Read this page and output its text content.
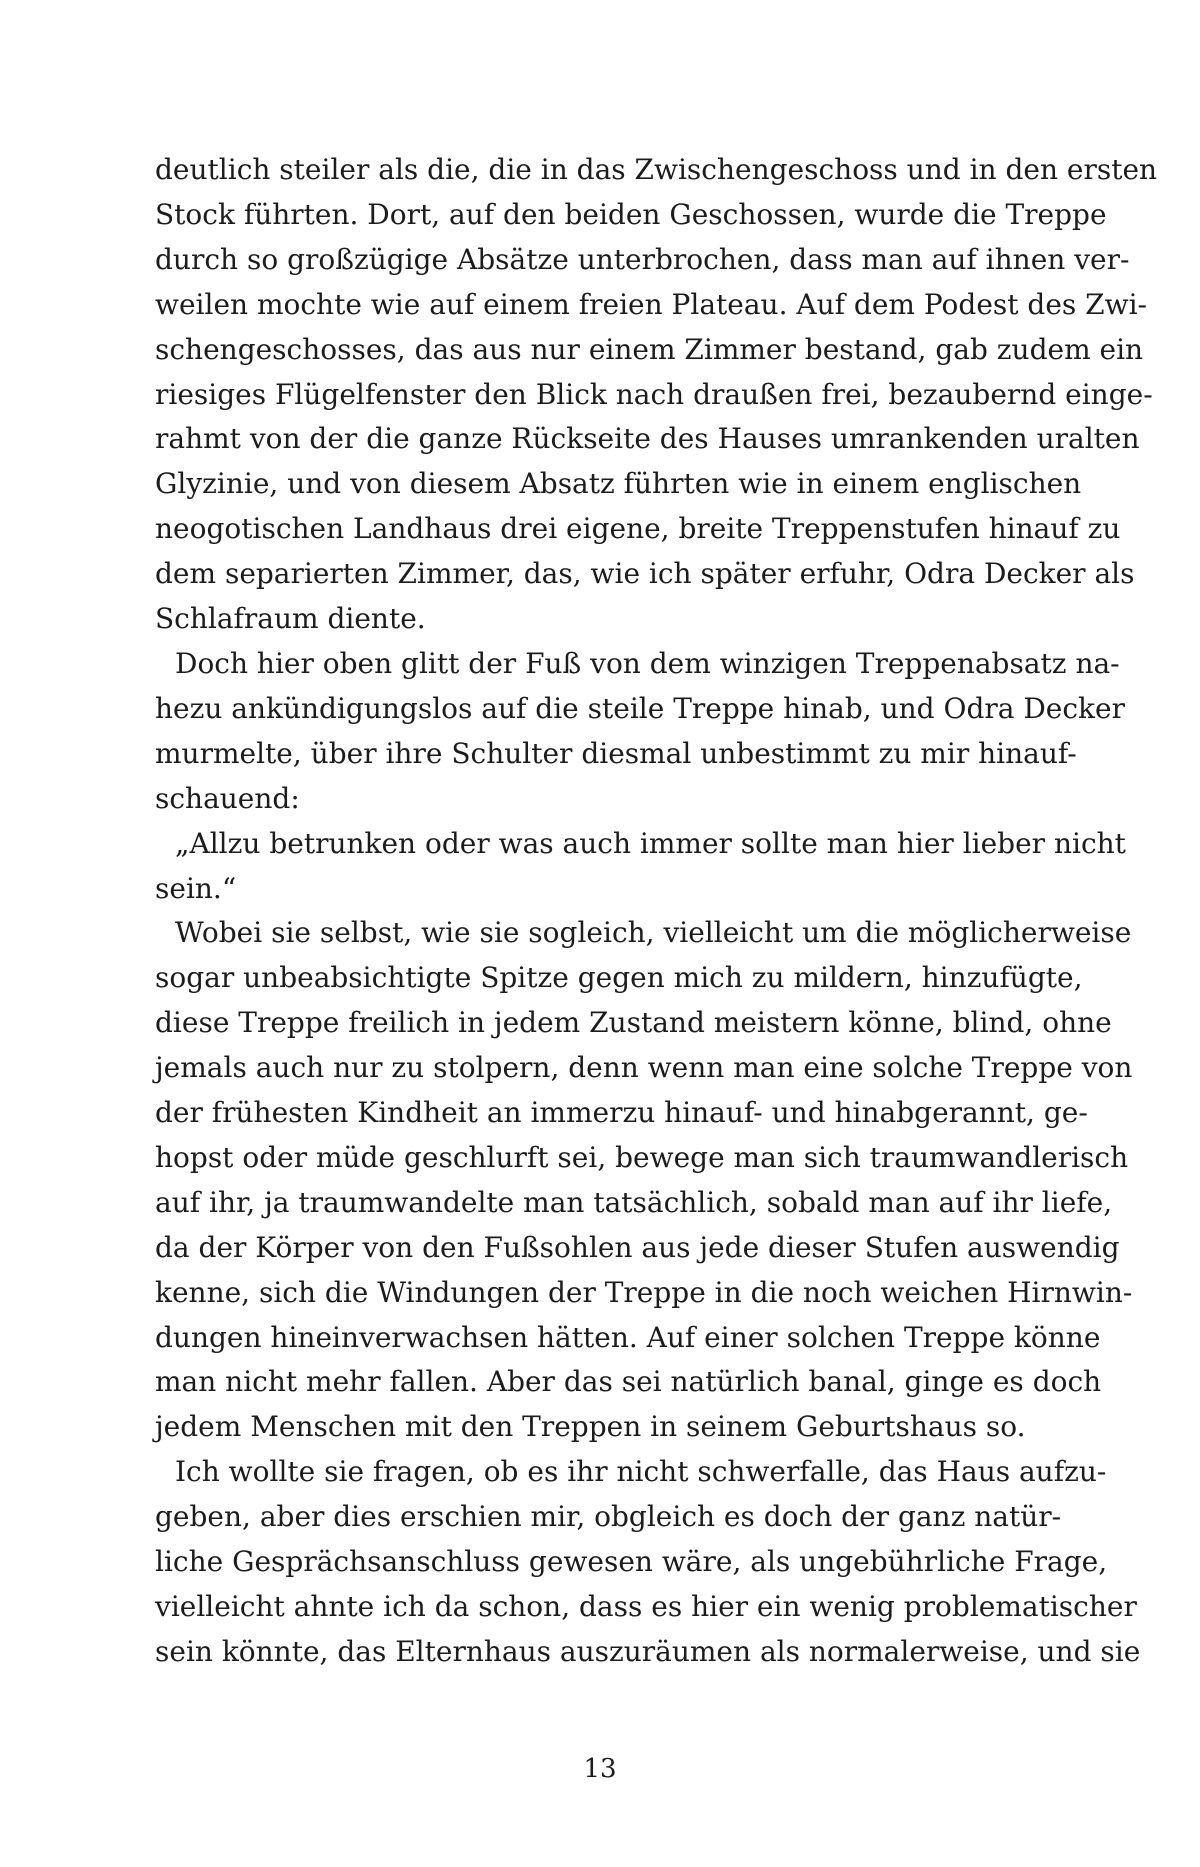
deutlich steiler als die, die in das Zwischengeschoss und in den ersten
Stock führten. Dort, auf den beiden Geschossen, wurde die Treppe
durch so großzügige Absätze unterbrochen, dass man auf ihnen ver-
weilen mochte wie auf einem freien Plateau. Auf dem Podest des Zwi-
schengeschosses, das aus nur einem Zimmer bestand, gab zudem ein
riesiges Flügelfenster den Blick nach draußen frei, bezaubernd einge-
rahmt von der die ganze Rückseite des Hauses umrankenden uralten
Glyzinie, und von diesem Absatz führten wie in einem englischen
neogotischen Landhaus drei eigene, breite Treppenstufen hinauf zu
dem separierten Zimmer, das, wie ich später erfuhr, Odra Decker als
Schlafraum diente.

Doch hier oben glitt der Fuß von dem winzigen Treppenabsatz na-
hezu ankündigungslos auf die steile Treppe hinab, und Odra Decker
murmelte, über ihre Schulter diesmal unbestimmt zu mir hinauf-
schauend:

„Allzu betrunken oder was auch immer sollte man hier lieber nicht
sein.“

Wobei sie selbst, wie sie sogleich, vielleicht um die möglicherweise
sogar unbeabsichtigte Spitze gegen mich zu mildern, hinzufügte,
diese Treppe freilich in jedem Zustand meistern könne, blind, ohne
jemals auch nur zu stolpern, denn wenn man eine solche Treppe von
der frühesten Kindheit an immerzu hinauf- und hinabgerannt, ge-
hopst oder müde geschlurft sei, bewege man sich traumwandlerisch
auf ihr, ja traumwandelte man tatsächlich, sobald man auf ihr liefe,
da der Körper von den Fußsohlen aus jede dieser Stufen auswendig
kenne, sich die Windungen der Treppe in die noch weichen Hirnwin-
dungen hineinverwachsen hätten. Auf einer solchen Treppe könne
man nicht mehr fallen. Aber das sei natürlich banal, ginge es doch
jedem Menschen mit den Treppen in seinem Geburtshaus so.

Ich wollte sie fragen, ob es ihr nicht schwerfalle, das Haus aufzu-
geben, aber dies erschien mir, obgleich es doch der ganz natür-
liche Gesprächsanschluss gewesen wäre, als ungebührliche Frage,
vielleicht ahnte ich da schon, dass es hier ein wenig problematischer
sein könnte, das Elternhaus auszuräumen als normalerweise, und sie

13
